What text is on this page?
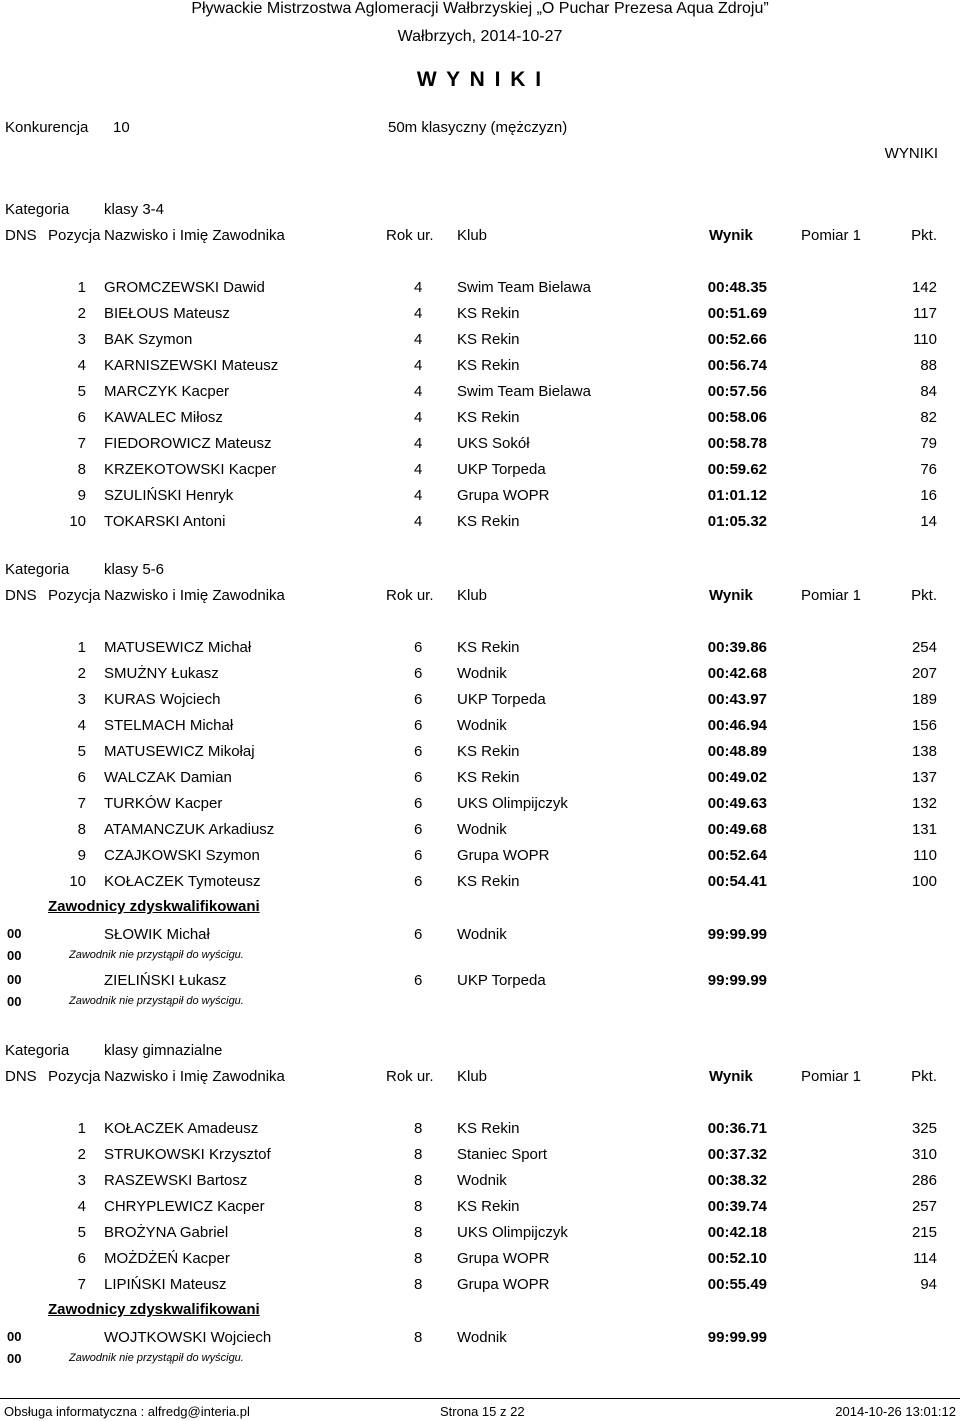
Pływackie Mistrzostwa Aglomeracji Wałbrzyskiej „O Puchar Prezesa Aqua Zdroju”
Wałbrzych, 2014-10-27
W Y N I K I
Konkurencja 10	50m klasyczny (mężczyzn)
WYNIKI
Kategoria klasy 3-4
DNS Pozycja Nazwisko i Imię Zawodnika	Rok ur. Klub	Wynik	Pomiar 1	Pkt.
1 GROMCZEWSKI Dawid	4 Swim Team Bielawa	00:48.35	142
2 BIEŁOUS Mateusz	4 KS Rekin	00:51.69	117
3 BAK Szymon	4 KS Rekin	00:52.66	110
4 KARNISZEWSKI Mateusz	4 KS Rekin	00:56.74	88
5 MARCZYK Kacper	4 Swim Team Bielawa	00:57.56	84
6 KAWALEC Miłosz	4 KS Rekin	00:58.06	82
7 FIEDOROWICZ Mateusz	4 UKS Sokół	00:58.78	79
8 KRZEKOTOWSKI Kacper	4 UKP Torpeda	00:59.62	76
9 SZULIŃSKI Henryk	4 Grupa WOPR	01:01.12	16
10 TOKARSKI Antoni	4 KS Rekin	01:05.32	14
Kategoria klasy 5-6
DNS Pozycja Nazwisko i Imię Zawodnika	Rok ur. Klub	Wynik	Pomiar 1	Pkt.
1 MATUSEWICZ Michał	6 KS Rekin	00:39.86	254
2 SMUŻNY Łukasz	6 Wodnik	00:42.68	207
3 KURAS Wojciech	6 UKP Torpeda	00:43.97	189
4 STELMACH Michał	6 Wodnik	00:46.94	156
5 MATUSEWICZ Mikołaj	6 KS Rekin	00:48.89	138
6 WALCZAK Damian	6 KS Rekin	00:49.02	137
7 TURKÓW Kacper	6 UKS Olimpijczyk	00:49.63	132
8 ATAMANCZUK Arkadiusz	6 Wodnik	00:49.68	131
9 CZAJKOWSKI Szymon	6 Grupa WOPR	00:52.64	110
10 KOŁACZEK Tymoteusz	6 KS Rekin	00:54.41	100
Zawodnicy zdyskwalifikowani
00	SŁOWIK Michał	6 Wodnik	99:99.99
00	Zawodnik nie przystąpił do wyścigu.
00	ZIELIŃSKI Łukasz	6 UKP Torpeda	99:99.99
00	Zawodnik nie przystąpił do wyścigu.
Kategoria klasy gimnazialne
DNS Pozycja Nazwisko i Imię Zawodnika	Rok ur. Klub	Wynik	Pomiar 1	Pkt.
1 KOŁACZEK Amadeusz	8 KS Rekin	00:36.71	325
2 STRUKOWSKI Krzysztof	8 Staniec Sport	00:37.32	310
3 RASZEWSKI Bartosz	8 Wodnik	00:38.32	286
4 CHRYPLEWICZ Kacper	8 KS Rekin	00:39.74	257
5 BROŻYNA Gabriel	8 UKS Olimpijczyk	00:42.18	215
6 MOŻDŻEŃ Kacper	8 Grupa WOPR	00:52.10	114
7 LIPIŃSKI Mateusz	8 Grupa WOPR	00:55.49	94
Zawodnicy zdyskwalifikowani
00	WOJTKOWSKI Wojciech	8 Wodnik	99:99.99
00	Zawodnik nie przystąpił do wyścigu.
Obsługa informatyczna : alfredg@interia.pl	Strona 15 z 22	2014-10-26 13:01:12
